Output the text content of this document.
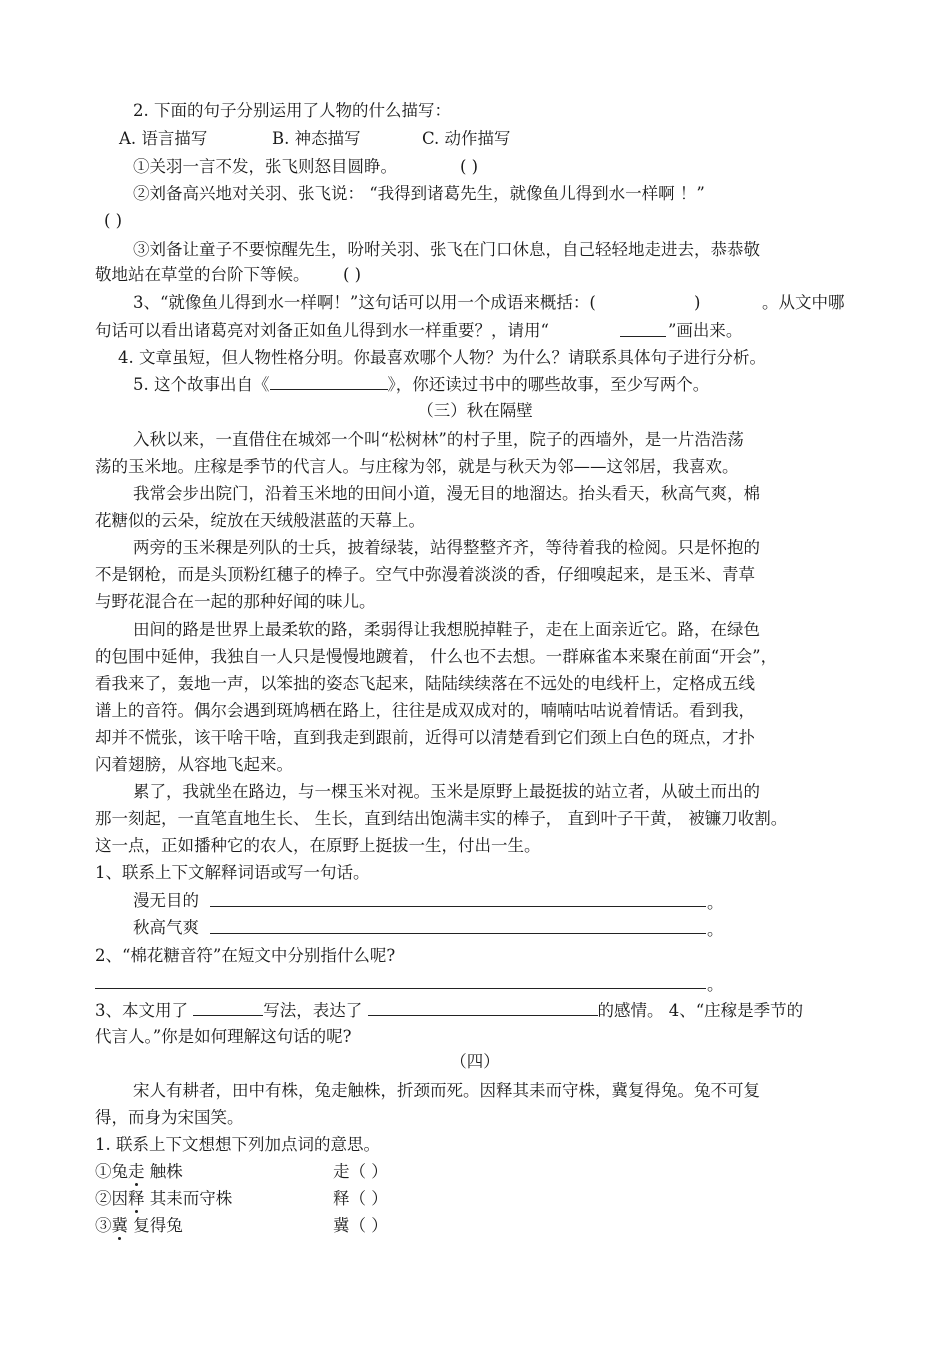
2. 下面的句子分别运用了人物的什么描写：
A. 语言描写	B. 神态描写	C. 动作描写
①关羽一言不发，张飞则怒目圆睁。	( )
②刘备高兴地对关羽、张飞说： “我得到诸葛先生，就像鱼儿得到水一样啊 ！”
( )
③刘备让童子不要惊醒先生，吩咐关羽、张飞在门口休息，自己轻轻地走进去，恭恭敬
敬地站在草堂的台阶下等候。 ( )
3、“就像鱼儿得到水一样啊！”这句话可以用一个成语来概括：(	)	。从文中哪
句话可以看出诸葛亮对刘备正如鱼儿得到水一样重要？，请用“	”画出来。
4. 文章虽短，但人物性格分明。你最喜欢哪个人物？为什么？请联系具体句子进行分析。
5. 这个故事出自《	》，你还读过书中的哪些故事，至少写两个。
（三）秋在隔壁
入秋以来，一直借住在城郊一个叫“松树林”的村子里，院子的西墙外，是一片浩浩荡
荡的玉米地。庄稼是季节的代言人。与庄稼为邻，就是与秋天为邻——这邻居，我喜欢。
我常会步出院门，沿着玉米地的田间小道，漫无目的地溜达。抬头看天，秋高气爽，棉
花糖似的云朵，绽放在天绒般湛蓝的天幕上。
两旁的玉米稞是列队的士兵，披着绿装，站得整整齐齐，等待着我的检阅。只是怀抱的
不是钢枪，而是头顶粉红穗子的棒子。空气中弥漫着淡淡的香，仔细嗅起来，是玉米、青草
与野花混合在一起的那种好闻的味儿。
田间的路是世界上最柔软的路，柔弱得让我想脱掉鞋子，走在上面亲近它。路，在绿色
的包围中延伸，我独自一人只是慢慢地踱着， 什么也不去想。一群麻雀本来聚在前面“开会”，
看我来了，轰地一声，以笨拙的姿态飞起来，陆陆续续落在不远处的电线杆上，定格成五线
谱上的音符。偶尔会遇到斑鸠栖在路上，往往是成双成对的，喃喃咕咕说着情话。看到我，
却并不慌张，该干啥干啥，直到我走到跟前，近得可以清楚看到它们颈上白色的斑点，才扑
闪着翅膀，从容地飞起来。
累了，我就坐在路边，与一棵玉米对视。玉米是原野上最挺拔的站立者，从破土而出的
那一刻起，一直笔直地生长、 生长，直到结出饱满丰实的棒子， 直到叶子干黄， 被镰刀收割。
这一点，正如播种它的农人，在原野上挺拔一生，付出一生。
1、联系上下文解释词语或写一句话。
漫无目的	。
秋高气爽	。
2、“棉花糖音符”在短文中分别指什么呢?
。
3、本文用了	写法，表达了	的感情。 4、“庄稼是季节的
代言人。”你是如何理解这句话的呢?
（四）
宋人有耕者，田中有株，兔走触株，折颈而死。因释其耒而守株，冀复得兔。兔不可复
得，而身为宋国笑。
1. 联系上下文想想下列加点词的意思。
①兔走 触株	走（ ）
②因释 其耒而守株	释（ ）
③冀 复得兔	冀（ ）
